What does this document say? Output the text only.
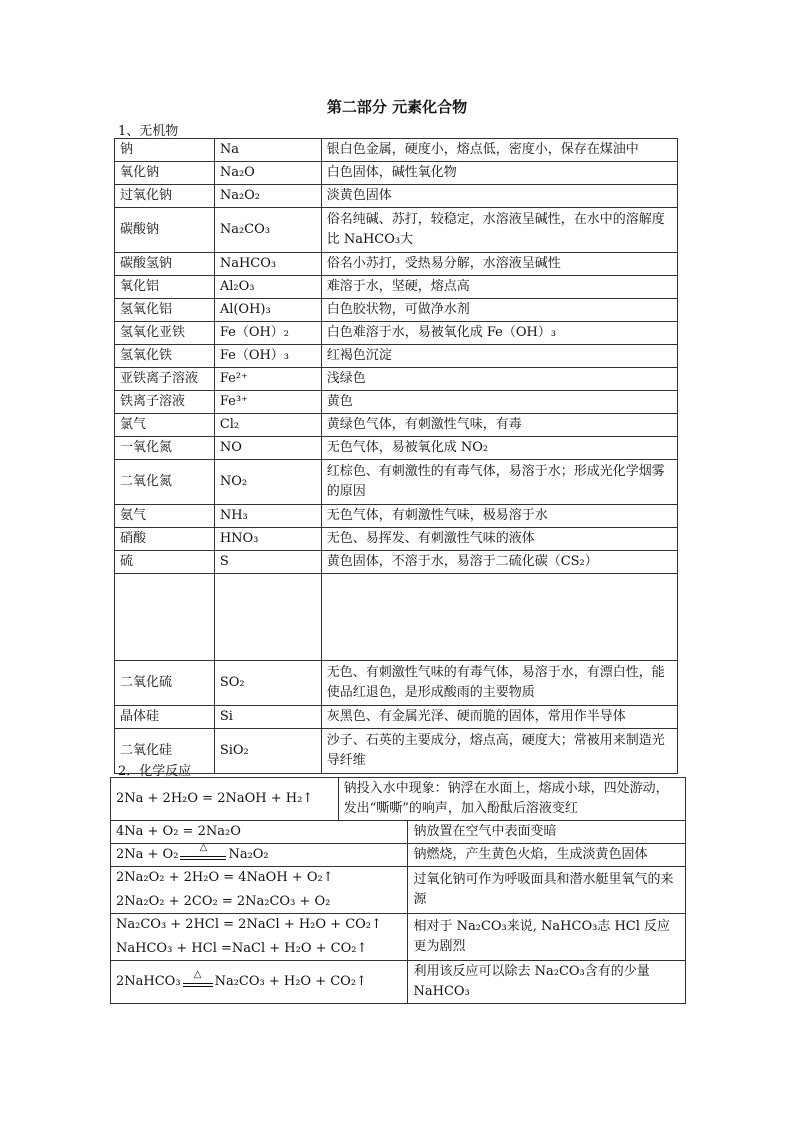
第二部分 元素化合物
1、无机物
钠	Na	银白色金属，硬度小，熔点低，密度小，保存在煤油中
氧化钠	Na₂O	白色固体，碱性氧化物
过氧化钠	Na₂O₂	淡黄色固体
碳酸钠	Na₂CO₃	俗名纯碱、苏打，较稳定，水溶液呈碱性，在水中的溶解度比 NaHCO₃大
碳酸氢钠	NaHCO₃	俗名小苏打，受热易分解，水溶液呈碱性
氧化铝	Al₂O₃	难溶于水，坚硬，熔点高
氢氧化铝	Al(OH)₃	白色胶状物，可做净水剂
氢氧化亚铁	Fe（OH）₂	白色难溶于水，易被氧化成 Fe（OH）₃
氢氧化铁	Fe（OH）₃	红褐色沉淀
亚铁离子溶液	Fe²⁺	浅绿色
铁离子溶液	Fe³⁺	黄色
氯气	Cl₂	黄绿色气体，有刺激性气味，有毒
一氧化氮	NO	无色气体，易被氧化成 NO₂
二氧化氮	NO₂	红棕色、有刺激性的有毒气体，易溶于水；形成光化学烟雾的原因
氨气	NH₃	无色气体，有刺激性气味，极易溶于水
硝酸	HNO₃	无色、易挥发、有刺激性气味的液体
硫	S	黄色固体，不溶于水，易溶于二硫化碳（CS₂）

二氧化硫	SO₂	无色、有刺激性气味的有毒气体，易溶于水，有漂白性，能使品红退色，是形成酸雨的主要物质
晶体硅	Si	灰黑色、有金属光泽、硬而脆的固体，常用作半导体
二氧化硅	SiO₂	沙子、石英的主要成分，熔点高，硬度大；常被用来制造光导纤维
2．化学反应
2Na + 2H₂O = 2NaOH + H₂↑	钠投入水中现象：钠浮在水面上，熔成小球，四处游动，发出“嘶嘶”的响声，加入酚酞后溶液变红
4Na + O₂ = 2Na₂O	钠放置在空气中表面变暗

2Na + O₂ △ Na₂O₂	钠燃烧，产生黄色火焰，生成淡黄色固体

2Na₂O₂ + 2H₂O = 4NaOH + O₂↑
2Na₂O₂ + 2CO₂ = 2Na₂CO₃ + O₂	过氧化钠可作为呼吸面具和潜水艇里氧气的来源

Na₂CO₃ + 2HCl = 2NaCl + H₂O + CO₂↑
NaHCO₃ + HCl =NaCl + H₂O + CO₂↑	相对于 Na₂CO₃来说, NaHCO₃志 HCl 反应更为剧烈

2NaHCO₃ △ Na₂CO₃ + H₂O + CO₂↑	利用该反应可以除去 Na₂CO₃含有的少量 NaHCO₃
